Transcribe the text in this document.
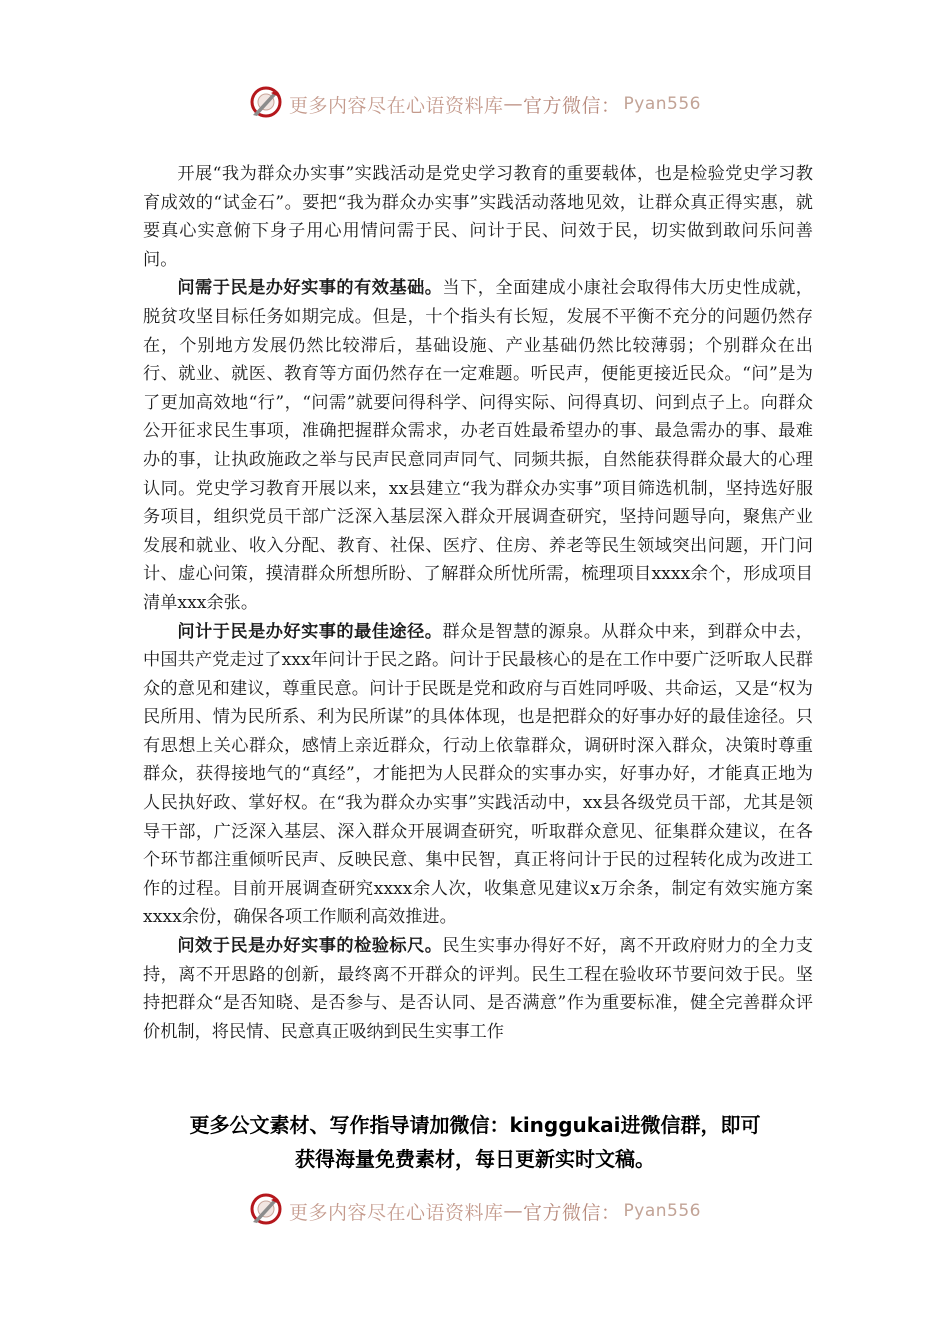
更多内容尽在心语资料库 — 官方微信： Pyan556

开展“我为群众办实事”实践活动是党史学习教育的重要载体，也是检验党史学习教育成效的“试金石”。要把“我为群众办实事”实践活动落地见效，让群众真正得实惠，就要真心实意俯下身子用心用情问需于民、问计于民、问效于民，切实做到敢问乐问善问。

问需于民是办好实事的有效基础。当下，全面建成小康社会取得伟大历史性成就，脱贫攻坚目标任务如期完成。但是，十个指头有长短，发展不平衡不充分的问题仍然存在，个别地方发展仍然比较滞后，基础设施、产业基础仍然比较薄弱；个别群众在出行、就业、就医、教育等方面仍然存在一定难题。听民声，便能更接近民众。“问”是为了更加高效地“行”，“问需”就要问得科学、问得实际、问得真切、问到点子上。向群众公开征求民生事项，准确把握群众需求，办老百姓最希望办的事、最急需办的事、最难办的事，让执政施政之举与民声民意同声同气、同频共振，自然能获得群众最大的心理认同。党史学习教育开展以来，xx县建立“我为群众办实事”项目筛选机制，坚持选好服务项目，组织党员干部广泛深入基层深入群众开展调查研究，坚持问题导向，聚焦产业发展和就业、收入分配、教育、社保、医疗、住房、养老等民生领域突出问题，开门问计、虚心问策，摸清群众所想所盼、了解群众所忧所需，梳理项目xxxx余个，形成项目清单xxx余张。

问计于民是办好实事的最佳途径。群众是智慧的源泉。从群众中来，到群众中去，中国共产党走过了xxx年问计于民之路。问计于民最核心的是在工作中要广泛听取人民群众的意见和建议，尊重民意。问计于民既是党和政府与百姓同呼吸、共命运，又是“权为民所用、情为民所系、利为民所谋”的具体体现，也是把群众的好事办好的最佳途径。只有思想上关心群众，感情上亲近群众，行动上依靠群众，调研时深入群众，决策时尊重群众，获得接地气的“真经”，才能把为人民群众的实事办实，好事办好，才能真正地为人民执好政、掌好权。在“我为群众办实事”实践活动中，xx县各级党员干部，尤其是领导干部，广泛深入基层、深入群众开展调查研究，听取群众意见、征集群众建议，在各个环节都注重倾听民声、反映民意、集中民智，真正将问计于民的过程转化成为改进工作的过程。目前开展调查研究xxxx余人次，收集意见建议x万余条，制定有效实施方案xxxx余份，确保各项工作顺利高效推进。

问效于民是办好实事的检验标尺。民生实事办得好不好，离不开政府财力的全力支持，离不开思路的创新，最终离不开群众的评判。民生工程在验收环节要问效于民。坚持把群众“是否知晓、是否参与、是否认同、是否满意”作为重要标准，健全完善群众评价机制，将民情、民意真正吸纳到民生实事工作

更多公文素材、写作指导请加微信：kinggukai进微信群，即可
获得海量免费素材，每日更新实时文稿。
更多内容尽在心语资料库 — 官方微信： Pyan556
